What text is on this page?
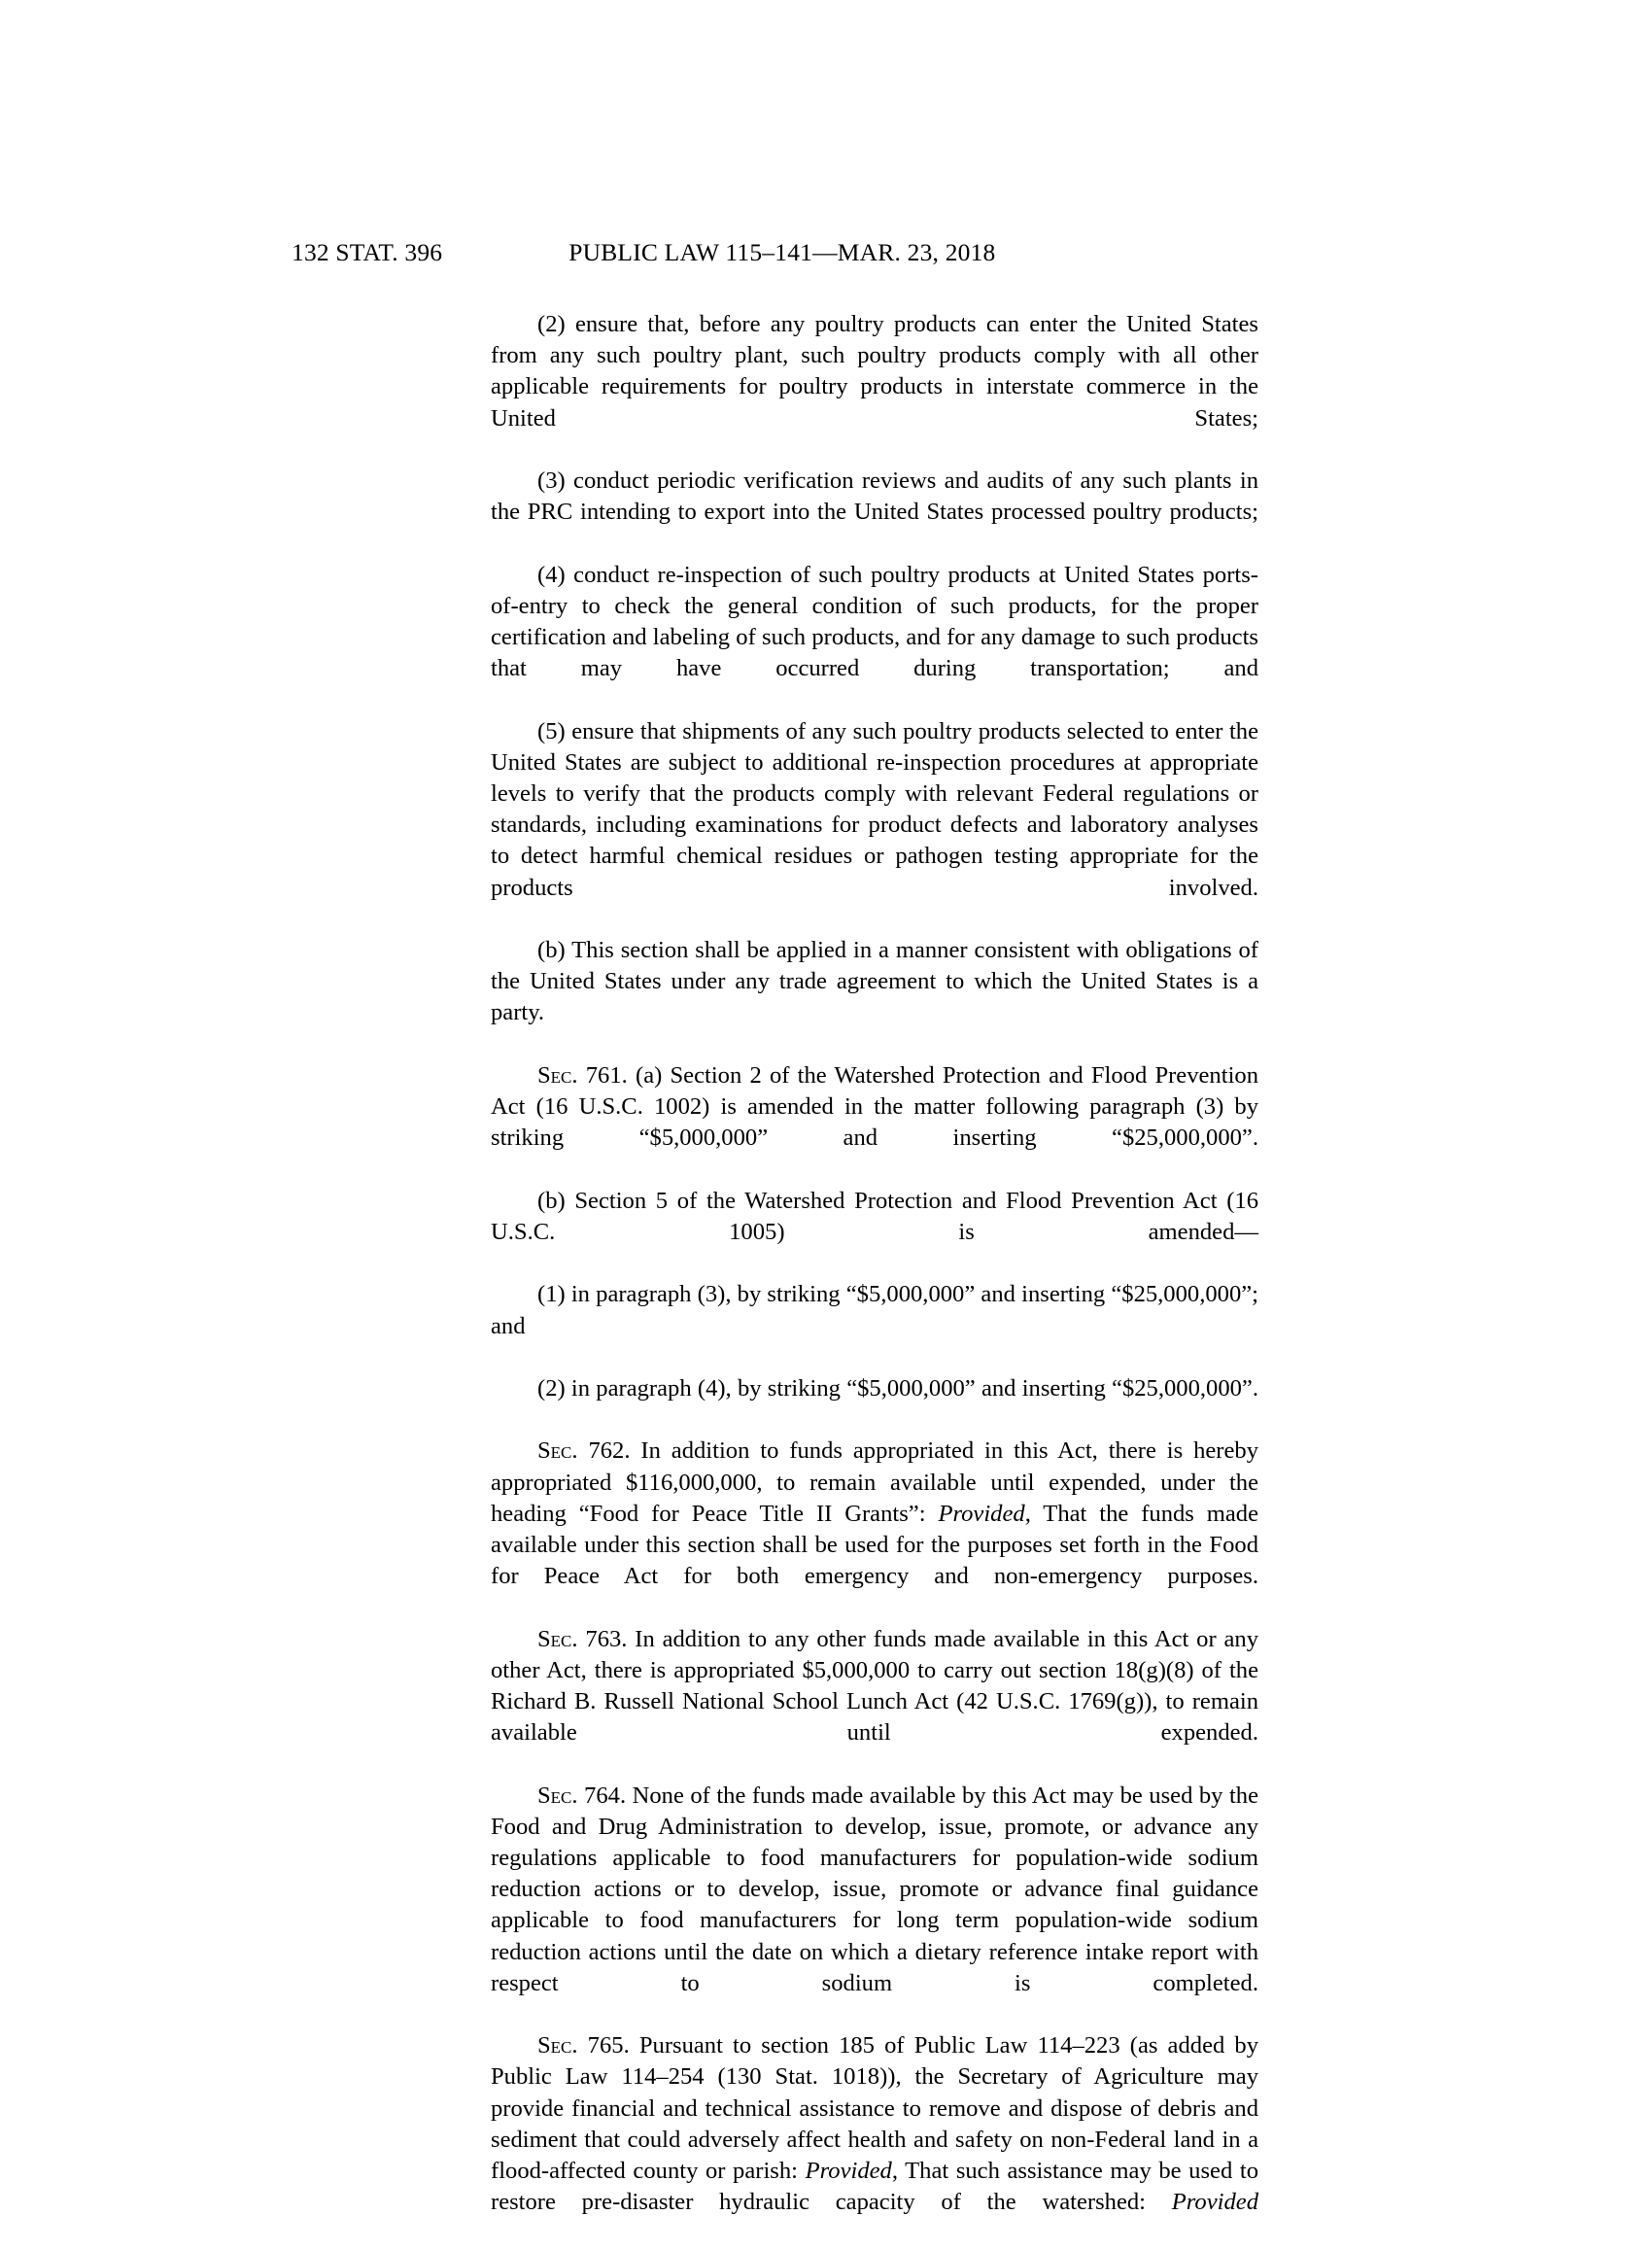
132 STAT. 396	PUBLIC LAW 115–141—MAR. 23, 2018

(2) ensure that, before any poultry products can enter the United States from any such poultry plant, such poultry products comply with all other applicable requirements for poultry products in interstate commerce in the United States;

(3) conduct periodic verification reviews and audits of any such plants in the PRC intending to export into the United States processed poultry products;

(4) conduct re-inspection of such poultry products at United States ports-of-entry to check the general condition of such products, for the proper certification and labeling of such products, and for any damage to such products that may have occurred during transportation; and

(5) ensure that shipments of any such poultry products selected to enter the United States are subject to additional re-inspection procedures at appropriate levels to verify that the products comply with relevant Federal regulations or standards, including examinations for product defects and laboratory analyses to detect harmful chemical residues or pathogen testing appropriate for the products involved.

(b) This section shall be applied in a manner consistent with obligations of the United States under any trade agreement to which the United States is a party.

Sec. 761. (a) Section 2 of the Watershed Protection and Flood Prevention Act (16 U.S.C. 1002) is amended in the matter following paragraph (3) by striking “$5,000,000” and inserting “$25,000,000”.

(b) Section 5 of the Watershed Protection and Flood Prevention Act (16 U.S.C. 1005) is amended—

(1) in paragraph (3), by striking “$5,000,000” and inserting “$25,000,000”; and

(2) in paragraph (4), by striking “$5,000,000” and inserting “$25,000,000”.

Sec. 762. In addition to funds appropriated in this Act, there is hereby appropriated $116,000,000, to remain available until expended, under the heading “Food for Peace Title II Grants”: Provided, That the funds made available under this section shall be used for the purposes set forth in the Food for Peace Act for both emergency and non-emergency purposes.

Sec. 763. In addition to any other funds made available in this Act or any other Act, there is appropriated $5,000,000 to carry out section 18(g)(8) of the Richard B. Russell National School Lunch Act (42 U.S.C. 1769(g)), to remain available until expended.

Sec. 764. None of the funds made available by this Act may be used by the Food and Drug Administration to develop, issue, promote, or advance any regulations applicable to food manufacturers for population-wide sodium reduction actions or to develop, issue, promote or advance final guidance applicable to food manufacturers for long term population-wide sodium reduction actions until the date on which a dietary reference intake report with respect to sodium is completed.

Sec. 765. Pursuant to section 185 of Public Law 114–223 (as added by Public Law 114–254 (130 Stat. 1018)), the Secretary of Agriculture may provide financial and technical assistance to remove and dispose of debris and sediment that could adversely affect health and safety on non-Federal land in a flood-affected county or parish: Provided, That such assistance may be used to restore pre-disaster hydraulic capacity of the watershed: Provided
